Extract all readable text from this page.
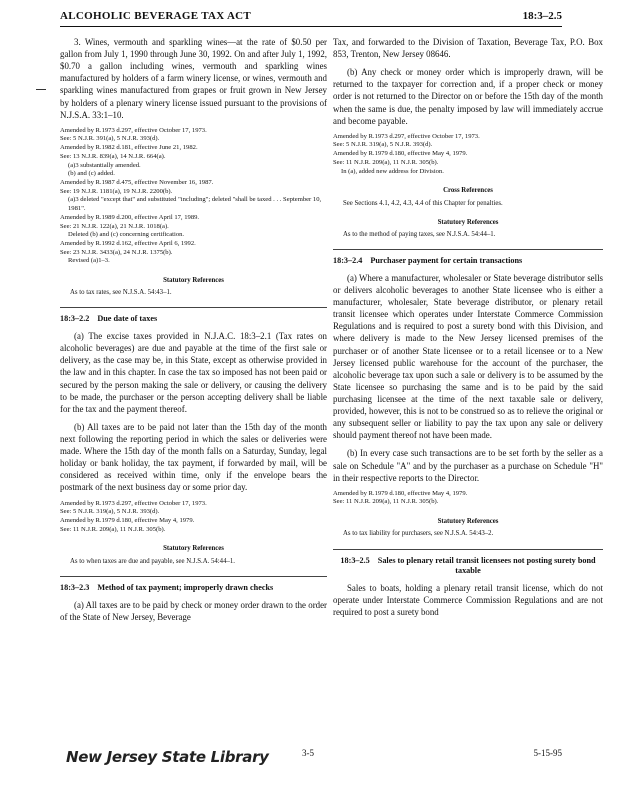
ALCOHOLIC BEVERAGE TAX ACT	18:3–2.5

3. Wines, vermouth and sparkling wines—at the rate of $0.50 per gallon from July 1, 1990 through June 30, 1992. On and after July 1, 1992, $0.70 a gallon including wines, vermouth and sparkling wines manufactured by holders of a farm winery license, or wines, vermouth and sparkling wines manufactured from grapes or fruit grown in New Jersey by holders of a plenary winery license issued pursuant to the provisions of N.J.S.A. 33:1–10.

Amended by R.1973 d.297, effective October 17, 1973.
See: 5 N.J.R. 391(a), 5 N.J.R. 393(d).
Amended by R.1982 d.181, effective June 21, 1982.
See: 13 N.J.R. 839(a), 14 N.J.R. 664(a).
(a)3 substantially amended.
(b) and (c) added.
Amended by R.1987 d.475, effective November 16, 1987.
See: 19 N.J.R. 1181(a), 19 N.J.R. 2200(b).
(a)3 deleted "except that" and substituted "including"; deleted "shall be taxed . . . September 10, 1981".
Amended by R.1989 d.200, effective April 17, 1989.
See: 21 N.J.R. 122(a), 21 N.J.R. 1018(a).
Deleted (b) and (c) concerning certification.
Amended by R.1992 d.162, effective April 6, 1992.
See: 23 N.J.R. 3433(a), 24 N.J.R. 1375(b).
Revised (a)1–3.
Statutory References
As to tax rates, see N.J.S.A. 54:43–1.
18:3–2.2 Due date of taxes

(a) The excise taxes provided in N.J.A.C. 18:3–2.1 (Tax rates on alcoholic beverages) are due and payable at the time of the first sale or delivery, as the case may be, in this State, except as otherwise provided in the law and in this chapter. In case the tax so imposed has not been paid or secured by the person making the sale or delivery, or causing the delivery to be made, the purchaser or the person accepting delivery shall be liable for the tax and the payment thereof.

(b) All taxes are to be paid not later than the 15th day of the month next following the reporting period in which the sales or deliveries were made. Where the 15th day of the month falls on a Saturday, Sunday, legal holiday or bank holiday, the tax payment, if forwarded by mail, will be considered as received within time, only if the envelope bears the postmark of the next business day or some prior day.

Amended by R.1973 d.297, effective October 17, 1973.
See: 5 N.J.R. 319(a), 5 N.J.R. 393(d).
Amended by R.1979 d.180, effective May 4, 1979.
See: 11 N.J.R. 209(a), 11 N.J.R. 305(b).
Statutory References
As to when taxes are due and payable, see N.J.S.A. 54:44–1.
18:3–2.3 Method of tax payment; improperly drawn checks

(a) All taxes are to be paid by check or money order drawn to the order of the State of New Jersey, Beverage

Tax, and forwarded to the Division of Taxation, Beverage Tax, P.O. Box 853, Trenton, New Jersey 08646.

(b) Any check or money order which is improperly drawn, will be returned to the taxpayer for correction and, if a proper check or money order is not returned to the Director on or before the 15th day of the month when the same is due, the penalty imposed by law will immediately accrue and become payable.

Amended by R.1973 d.297, effective October 17, 1973.
See: 5 N.J.R. 319(a), 5 N.J.R. 393(d).
Amended by R.1979 d.180, effective May 4, 1979.
See: 11 N.J.R. 209(a), 11 N.J.R. 305(b).
In (a), added new address for Division.
Cross References
See Sections 4.1, 4.2, 4.3, 4.4 of this Chapter for penalties.
Statutory References
As to the method of paying taxes, see N.J.S.A. 54:44–1.
18:3–2.4 Purchaser payment for certain transactions

(a) Where a manufacturer, wholesaler or State beverage distributor sells or delivers alcoholic beverages to another State licensee who is either a manufacturer, wholesaler, State beverage distributor, or plenary retail transit licensee which operates under Interstate Commerce Commission Regulations and is required to post a surety bond with this Division, and where delivery is made to the New Jersey licensed premises of the purchaser or of another State licensee or to a retail licensee or to a New Jersey licensed public warehouse for the account of the purchaser, the alcoholic beverage tax upon such a sale or delivery is to be assumed by the State licensee so purchasing the same and is to be paid by the said purchasing licensee at the time of the next taxable sale or delivery, provided, however, this is not to be construed so as to relieve the original or any subsequent seller or liability to pay the tax upon any sale or delivery should payment thereof not have been made.

(b) In every case such transactions are to be set forth by the seller as a sale on Schedule "A" and by the purchaser as a purchase on Schedule "H" in their respective reports to the Director.

Amended by R.1979 d.180, effective May 4, 1979.
See: 11 N.J.R. 209(a), 11 N.J.R. 305(b).
Statutory References
As to tax liability for purchasers, see N.J.S.A. 54:43–2.
18:3–2.5 Sales to plenary retail transit licensees not posting surety bond taxable

Sales to boats, holding a plenary retail transit license, which do not operate under Interstate Commerce Commission Regulations and are not required to post a surety bond

New Jersey State Library	3-5	5-15-95
